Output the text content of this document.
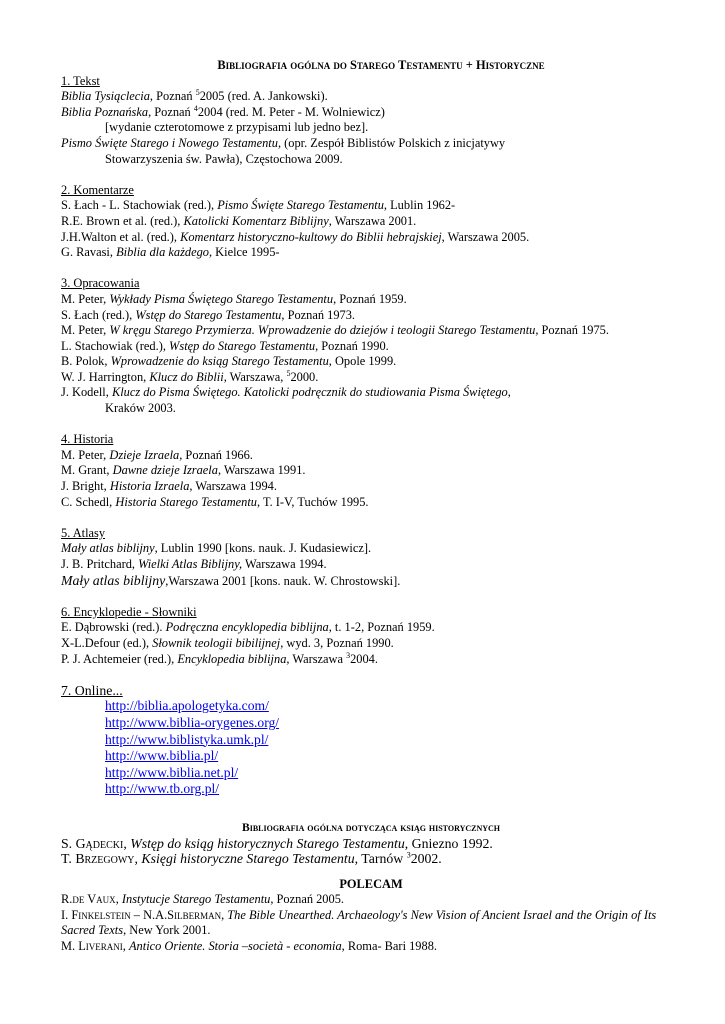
Bibliografia ogólna do Starego Testamentu + Historyczne
1. Tekst
Biblia Tysiąclecia, Poznań $^5$2005 (red. A. Jankowski).
Biblia Poznańska, Poznań $^4$2004 (red. M. Peter - M. Wolniewicz)
[wydanie czterotomowe z przypisami lub jedno bez].
Pismo Święte Starego i Nowego Testamentu, (opr. Zespół Biblistów Polskich z inicjatywy
Stowarzyszenia św. Pawła), Częstochowa 2009.
2. Komentarze
S. Łach - L. Stachowiak (red.), Pismo Święte Starego Testamentu, Lublin 1962-
R.E. Brown et al. (red.), Katolicki Komentarz Biblijny, Warszawa 2001.
J.H.Walton et al. (red.), Komentarz historyczno-kultowy do Biblii hebrajskiej, Warszawa 2005.
G. Ravasi, Biblia dla każdego, Kielce 1995-
3. Opracowania
M. Peter, Wykłady Pisma Świętego Starego Testamentu, Poznań 1959.
S. Łach (red.), Wstęp do Starego Testamentu, Poznań 1973.
M. Peter, W kręgu Starego Przymierza. Wprowadzenie do dziejów i teologii Starego Testamentu, Poznań 1975.
L. Stachowiak (red.), Wstęp do Starego Testamentu, Poznań 1990.
B. Polok, Wprowadzenie do ksiąg Starego Testamentu, Opole 1999.
W. J. Harrington, Klucz do Biblii, Warszawa, $^5$2000.
J. Kodell, Klucz do Pisma Świętego. Katolicki podręcznik do studiowania Pisma Świętego,
Kraków 2003.
4. Historia
M. Peter, Dzieje Izraela, Poznań 1966.
M. Grant, Dawne dzieje Izraela, Warszawa 1991.
J. Bright, Historia Izraela, Warszawa 1994.
C. Schedl, Historia Starego Testamentu, T. I-V, Tuchów 1995.
5. Atlasy
Mały atlas biblijny, Lublin 1990 [kons. nauk. J. Kudasiewicz].
J. B. Pritchard, Wielki Atlas Biblijny, Warszawa 1994.
Mały atlas biblijny,Warszawa 2001 [kons. nauk. W. Chrostowski].
6. Encyklopedie - Słowniki
E. Dąbrowski (red.). Podręczna encyklopedia biblijna, t. 1-2, Poznań 1959.
X-L.Defour (ed.), Słownik teologii bibilijnej, wyd. 3, Poznań 1990.
P. J. Achtemeier (red.), Encyklopedia biblijna, Warszawa $^3$2004.
7. Online...
http://biblia.apologetyka.com/
http://www.biblia-orygenes.org/
http://www.biblistyka.umk.pl/
http://www.biblia.pl/
http://www.biblia.net.pl/
http://www.tb.org.pl/
Bibliografia ogólna dotycząca ksiąg historycznych
S. Gądecki, Wstęp do ksiąg historycznych Starego Testamentu, Gniezno 1992.
T. Brzegowy, Księgi historyczne Starego Testamentu, Tarnów $^3$2002.
POLECAM
R.de Vaux, Instytucje Starego Testamentu, Poznań 2005.
I. Finkelstein – N.A.Silberman, The Bible Unearthed. Archaeology's New Vision of Ancient Israel and the Origin of Its Sacred Texts, New York 2001.
M. Liverani, Antico Oriente. Storia –società - economia, Roma- Bari 1988.
